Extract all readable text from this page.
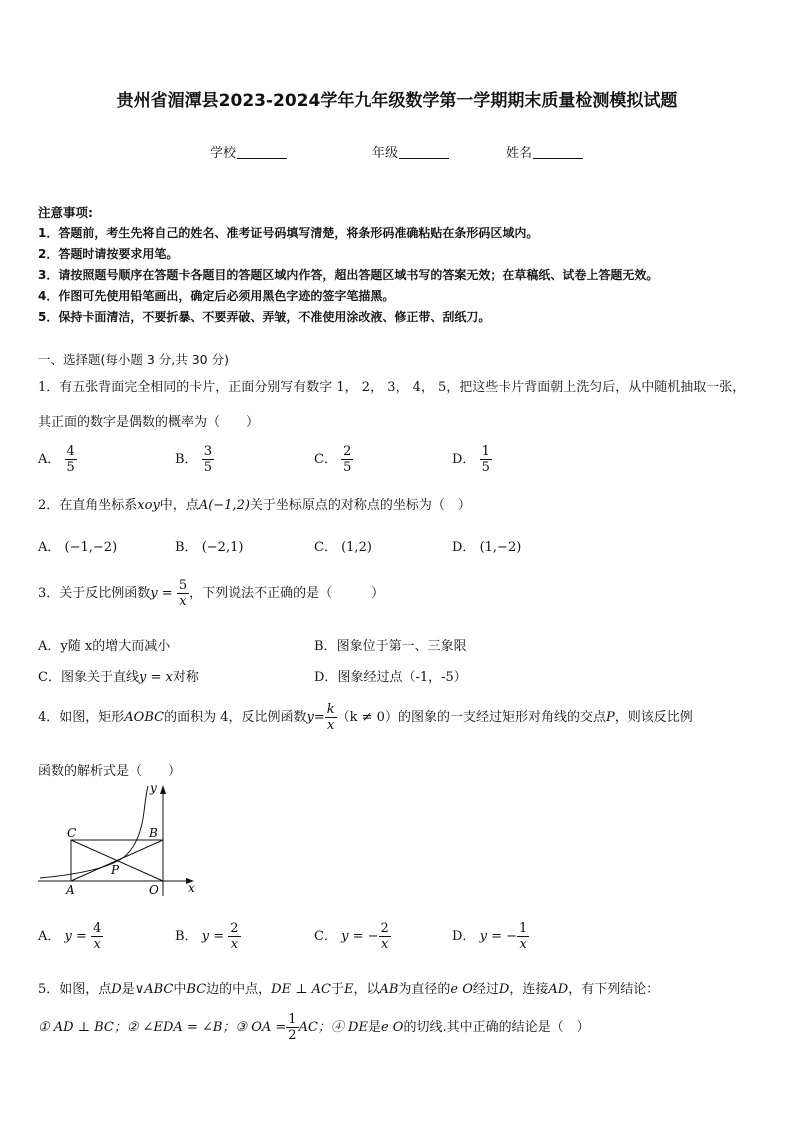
贵州省湄潭县2023-2024学年九年级数学第一学期期末质量检测模拟试题
学校	年级	姓名
注意事项:
1．答题前，考生先将自己的姓名、准考证号码填写清楚，将条形码准确粘贴在条形码区域内。
2．答题时请按要求用笔。
3．请按照题号顺序在答题卡各题目的答题区域内作答，超出答题区域书写的答案无效；在草稿纸、试卷上答题无效。
4．作图可先使用铅笔画出，确定后必须用黑色字迹的签字笔描黑。
5．保持卡面清洁，不要折暴、不要弄破、弄皱，不准使用涂改液、修正带、刮纸刀。
一、选择题(每小题 3 分,共 30 分)
1．有五张背面完全相同的卡片，正面分别写有数字 1， 2， 3， 4， 5，把这些卡片背面朝上洗匀后，从中随机抽取一张，
其正面的数字是偶数的概率为（　　）
A． $\frac{4}{5}$	B． $\frac{3}{5}$	C． $\frac{2}{5}$	D． $\frac{1}{5}$
2．在直角坐标系xoy中，点A(−1,2)关于坐标原点的对称点的坐标为（　）
A． (−1,−2)	B． (−2,1)	C． (1,2)	D． (1,−2)
3．关于反比例函数$y = \frac{5}{x}$ ，下列说法不正确的是（　　　）
A．y随 x的增大而减小	B．图象位于第一、三象限
C．图象关于直线y = x对称	D．图象经过点（-1，-5）
4．如图，矩形AOBC的面积为 4，反比例函数$y= \frac{k}{x} (k \ne 0)$的图象的一支经过矩形对角线的交点P，则该反比例
函数的解析式是（　　）
y
C	B
P
A	O x
A． $y = \frac{4}{x}$	B． $y = \frac{2}{x}$	C． y = − $\frac{2}{x}$	D． y = − $\frac{1}{x}$
5．如图，点D是∨ABC中BC边的中点，DE ⊥ AC于E，以AB为直径的e O经过D，连接AD，有下列结论：
① AD ⊥ BC；② ∠EDA = ∠B；③ OA = $\frac{1}{2}$ AC；④ DE是e O的切线.其中正确的结论是（　）
